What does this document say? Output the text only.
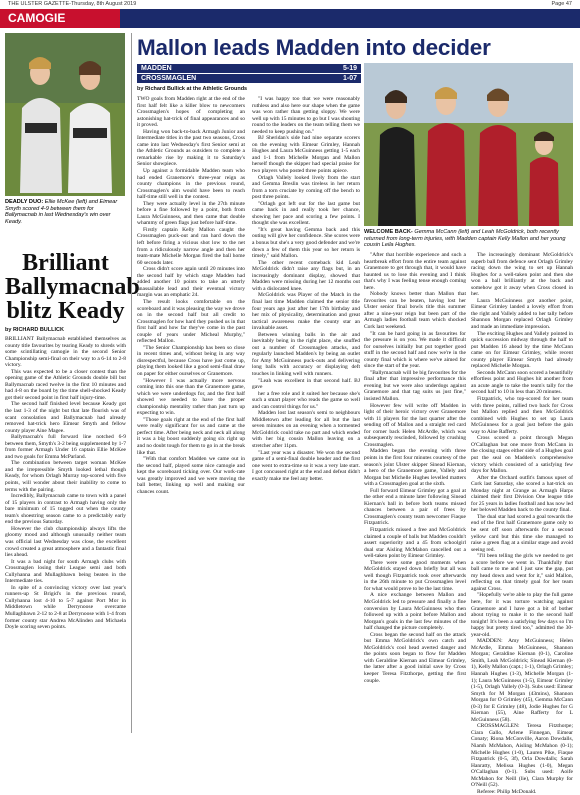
THE ULSTER GAZETTE-Thursday, 8th August 2019	Page 47
CAMOGIE
DEADLY DUO: Ellie McKee (left) and Eimear Smyth scored 4-9 between them for Ballymacnab in last Wednesday's win over Keady.
Brilliant Ballymacnab blitz Keady
by RICHARD BULLICK

BRILLIANT Ballymacnab established themselves as county title favourites by tearing Keady to shreds with some scintillating camogie in the second Senior Championship semi-final on their way to a 6-14 to 2-8 victory.

This was expected to be a closer contest than the opening game of the Athletic Grounds double bill but Ballymacnab raced twelve in the first 10 minutes and had 4-8 on the board by the time shell-shocked Keady got their second point in first half injury-time.

The second half finished level because Keady got the last 1-3 of the night but that late flourish was of scant consolation and Ballymacnab had already removed hat-trick hero Eimear Smyth and fellow county player Aine Magee.

Ballymacnab's full forward line notched 6-9 between them, Smyth's 3-2 being supplemented by 1-7 from former Armagh Under 16 captain Ellie McKee and two goals for Emma McParland.

The combination between target woman McKee and the irrepressible Smyth looked lethal though Keady, for whom Orlagh Murray top-scored with five points, will wonder about their inability to come to terms with the pairing.

Incredibly, Ballymacnab came to town with a panel of 15 players in contrast to Armagh having only the bare minimum of 15 togged out when the county team's shoestring season came to a predictably early end the previous Saturday.

However the club championship always lifts the gloomy mood and although unusually neither team was official last Wednesday was close, the excellent crowd created a great atmosphere and a fantastic final lies ahead.

It was a bad night for south Armagh clubs with Crossmaglen losing their League semi and both Cullyhanna and Mullaghbawn being beaten in the Intermediate ties.

In spite of a convincing victory over last year's runners-up St Brigid's in the previous round, Cullyhanna lost 4-10 to 5-7 against Port Mor in Middletown while Derrynoose overcame Mullaghbawn 2-12 to 2-8 at Derrynoose with 1-4 from former county star Andrea McAlinden and Michaela Doyle scoring seven points.

Mallon leads Madden into decider
MADDEN	5-19
CROSSMAGLEN	1-07
by Richard Bullick at the Athletic Grounds

TWO goals from Madden right at the end of the first half felt like a killer blow to newcomers Crossmaglen's hopes of completing an astonishing hat-trick of final appearances and so it proved.

Having won back-to-back Armagh Junior and Intermediate titles in the past two seasons, Cross came into last Wednesday's first Senior semi at the Athletic Grounds as outsiders to complete a remarkable rise by making it to Saturday's Senior showpiece.

Up against a formidable Madden team who had ended Granemore's three-year reign as county champions in the previous round, Crossmaglen's aim would have been to reach half-time still well in the contest.

They were actually level in the 27th minute before a fine followed by a point, both from Laura McGuinness, and then came that double whammy of green flags just before half-time.

Firstly captain Kelly Mallon caught the Crossmaglen puck-out and ran hard down the left before firing a vicious shot low to the net from a ridiculously narrow angle and then her team-mate Michelle Morgan fired the ball home 60 seconds later.

Cross didn't score again until 20 minutes into the second half by which stage Madden had added another 10 points to take an utterly unassailable lead and their eventual victory margin was an emphatic 24.

The result looks comfortable on the scoreboard and it was pleasing the way we drove on in the second half but all credit to Crossmaglen for how hard they pushed us in that first half and how far they've come in the past couple of years under Micheal Murphy," reflected Mallon.

"The Senior Championship has been so close in recent times and, without being in any way disrespectful, because Cross have just come up, playing them looked like a good semi-final draw on paper for either ourselves or Granemore.

"However I was actually more nervous coming into this one than the Granemore game, which we were underdogs for, and the first half showed we needed to have the proper championship mentality rather than just turn up expecting to win.

"Those goals right at the end of the first half were really significant for us and came at the perfect time. After being neck and neck all along it was a big boost suddenly going six right up and no doubt tough for them to go in at the break like that.

"With that comfort Madden we came out in the second half, played some nice camogie and kept the scoreboard ticking over. Our work-rate was greatly improved and we were moving the ball better, linking up well and making our chances count.

"I was happy too that we were reasonably ruthless and also here our shape when the game was won rather than getting sloppy. We were well up with 15 minutes to go but I was shouting round to the leaders on the team telling them we needed to keep pushing on."

BJ Sheridan's side had nine separate scorers on the evening with Eimear Grimley, Hannah Hughes and Laura McGuinness getting 1-5 each and 1-1 from Michelle Morgan and Mallon herself though the skipper had special praise for two players who posted three points apiece.

Orlagh Vallely looked lively from the start and Gemma Breslin was tireless in her return from a torn cruciate by coming off the bench to post three points.

"Orlagh got left out for the last game but came back in and really took her chance, showing her pace and scoring a few points. I thought she was excellent.

"It's great having Gemma back and this outing will give her confidence. She scores were a bonus but she's a very good defender and we're down a few of them this year so her return is timely," said Mallon.

The other recent comeback kid Leah McGoldrick didn't raise any flags but, in an increasingly dominant display, showed that Madden were missing during her 12 months out with a dislocated knee.

McGoldrick was Player of the Match in the final last time Madden claimed the senior title four years ago just after her 17th birthday and her mix of physicality, determination and great tactical awareness make the county star an invaluable asset.

Between winning balls in the air and inevitably being in the right place, she snuffed out a number of Crossmaglen attacks, and regularly launched Madden's by being an outlet for Amy McGuinness puck-outs and delivering long balls with accuracy or displaying deft touches in linking well with runners.

"Leah was excellent in that second half. BJ gave

her a free role and it suited her because she's such a smart player who reads the game so well and can control things for us."

Madden lost last season's semi to neighbours Middletown after leading for all but the last seven minutes on an evening when a tormented McGoldrick could take no part and which ended with her big cousin Mallon leaving on a stretcher after 11pm.

"Last year was a disaster. We won the second game of a semi-final double header and the first one went to extra-time so it was a very late start. I got concussed right at the end and defeat didn't exactly make me feel any better.

WELCOME BACK- Gemma McCann (left) and Leah McGoldrick, both recently returned from long-term injuries, with Madden captain Kelly Mallon and her young cousin Leila Hughes.

"After that horrible experience and such a heartbreak effort from the entire team against Granemore to get through that, it would have haunted us to lose this evening and I think that's why I was feeling tense enough coming here.

Nobody knows better than Mallon that favourites can be beaten, having lost her Ulster senior final bowls title this summer after a nine-year reign but been part of the Armagh ladies football team which shocked Cork last weekend.

"It can be hard going in as favourites for the pressure is on you. We made it difficult for ourselves initially but put together good stuff in the second half and now we're in the county final which is where we've aimed for since the start of the year.

"Ballymacnab will be big favourites for the final after that impressive performance this evening but we were also underdogs against Granemore and that tag suits us just fine," insisted Mallon.

However few will write off Madden in light of their heroic victory over Granemore with 11 players for the last quarter after the sending off of Mallon and a straight red card for corner back Helen McArdle, which was subsequently rescinded, followed by crushing Crossmaglen.

Madden began the evening with three points in the first four minutes courtesy of the season's joint Ulster skipper Sinead Kiernan, a hero of the Granemore game, Vallely and Morgan but Michelle Hughes levelled matters with a Crossmaglen goal at the sixth.

Full forward Eimear Grimley got a goal at the other end a minute later following Sinead Kiernan's ball in before both teams missed chances between a pair of frees by Crossmaglen's county team newcomer Fiaque Fitzpatrick.

Fitzpatrick missed a free and McGoldrick claimed a couple of balls but Madden couldn't assert superiority and a 45 from schoolgirl dual star Aisling McMahon cancelled out a well-taken point by Eimear Grimley.

There were some good moments when McGoldrick stayed down briefly but all was well though Fitzpatrick took over afterwards in the 26th minute to put Crossmaglen level for what would prove to be the last time.

A nice exchange between Mallon and McGoldrick led to pressure and finally a fine conversion by Laura McGuinness who then followed up with a point before Mallon and Morgan's goals in the last few minutes of the half changed the picture completely.

Cross began the second half on the attack but Emma McGoldrick's own catch and McGoldrick's cool head averted danger and the points soon began to flow for Madden with Geraldine Kiernan and Eimear Grimley, the latter after a good initial save by Cross keeper Teresa Fitzthorpe, getting the first couple.

The increasingly dominant McGoldrick's superb ball from defence sent Orlagh Grimley racing down the wing to set up Hannah Hughes for a well-taken point and then she won a ball brilliantly at the back and somehow got it away when Cross closed in her.

Laura McGuinness got another point, Eimear Grimley landed a lovely effort from the right and Vallely added to her tally before Shannon Morgan replaced Orlagh Grimley and made an immediate impression.

The exciting Hughes and Vallely pointed in quick succession midway through the half to put Madden 16 ahead by the time McCann came on for Eimear Grimley, while recent county player Eimear Smyth had already replaced Michelle Morgan.

Seconds McCann soon scored a beautifully effortless point and Hughes hit another from an acute angle to take the team's tally for the second half to 10 in less than 20 minutes.

Fitzpatrick, who top-scored for her team with three points, rallied two back for Cross but Mallon replied and then McGoldrick combined with Hughes to set up Laura McGuinness for a goal just before the gain way to Aine Rafferty.

Cross scored a point through Megan O'Callaghan but one more from McCann in the closing stages either side of a Hughes goal put the seal on Madden's comprehensive victory which consisted of a satisfying few days for Mallon.

After the Orchard outfit's famous upset of Cork last Saturday, she scored a hat-trick on Monday night at Grange as Armagh Harps claimed their first Division One league title for 25 years in ladies football and has now led her beloved Madden back to the county final.

The dual star had scored a goal towards the end of the first half Granemore game only to be sent off soon afterwards for a second yellow card but this time she managed to raise a green flag at a similar stage and avoid seeing red.

"I'll been telling the girls we needed to get a score before we went in. Thankfully that ball came to me and I just saw the gap, put my head down and went for it," said Mallon, reflecting on that timely goal for her team against Cross.

"Hopefully we're able to play the full game here, for it was torture watching against Granemore and I have got a bit of bother about trying to make it to the second half tonight! It's been a satisfying few days so I'm happy but pretty tired too," admitted the 30-year-old.

MADDEN: Amy McGuinness; Helen McArdle, Emma McGuinness, Shannon Morgan; Geraldine Kiernan (0-1), Caroline Smith, Leah McGoldrick; Sinead Kiernan (0-1), Kelly Mallon (capt.; 1-1), Orlagh Grimley; Hannah Hughes (1-3), Michelle Morgan (1-1); Laura McGuinness (1-5), Eimear Grimley (1-5), Orlagh Vallely (0-3). Subs used: Eimear Smyth for M Morgan (43mins), Shannon Morgan for O Grimley (45), Gemma McCann (0-3) for E Grimley (48), Jodie Hughes for G Kiernan (55), Aine Rafferty for L McGuinness (58).

CROSSMAGLEN: Teresa Fitzthorpe; Ciara Gallo, Arlene Finnegan, Eimear Conaty; Riona McConville, Aaron Dowdalls, Niamh McMahon, Aisling McMahon (0-1); Michelle Hughes (1-0), Lauren Pike, Fiaque Fitzpatrick (0-5, 3f), Orla Dowdalls; Sarah Hanratty, Melissa Hughes (1-0), Megan O'Callaghan (0-1). Subs used: Aoife McMahon for Neill (lie), Ciara Murphy for O'Neill (52).

Referee: Philip McDonald.
